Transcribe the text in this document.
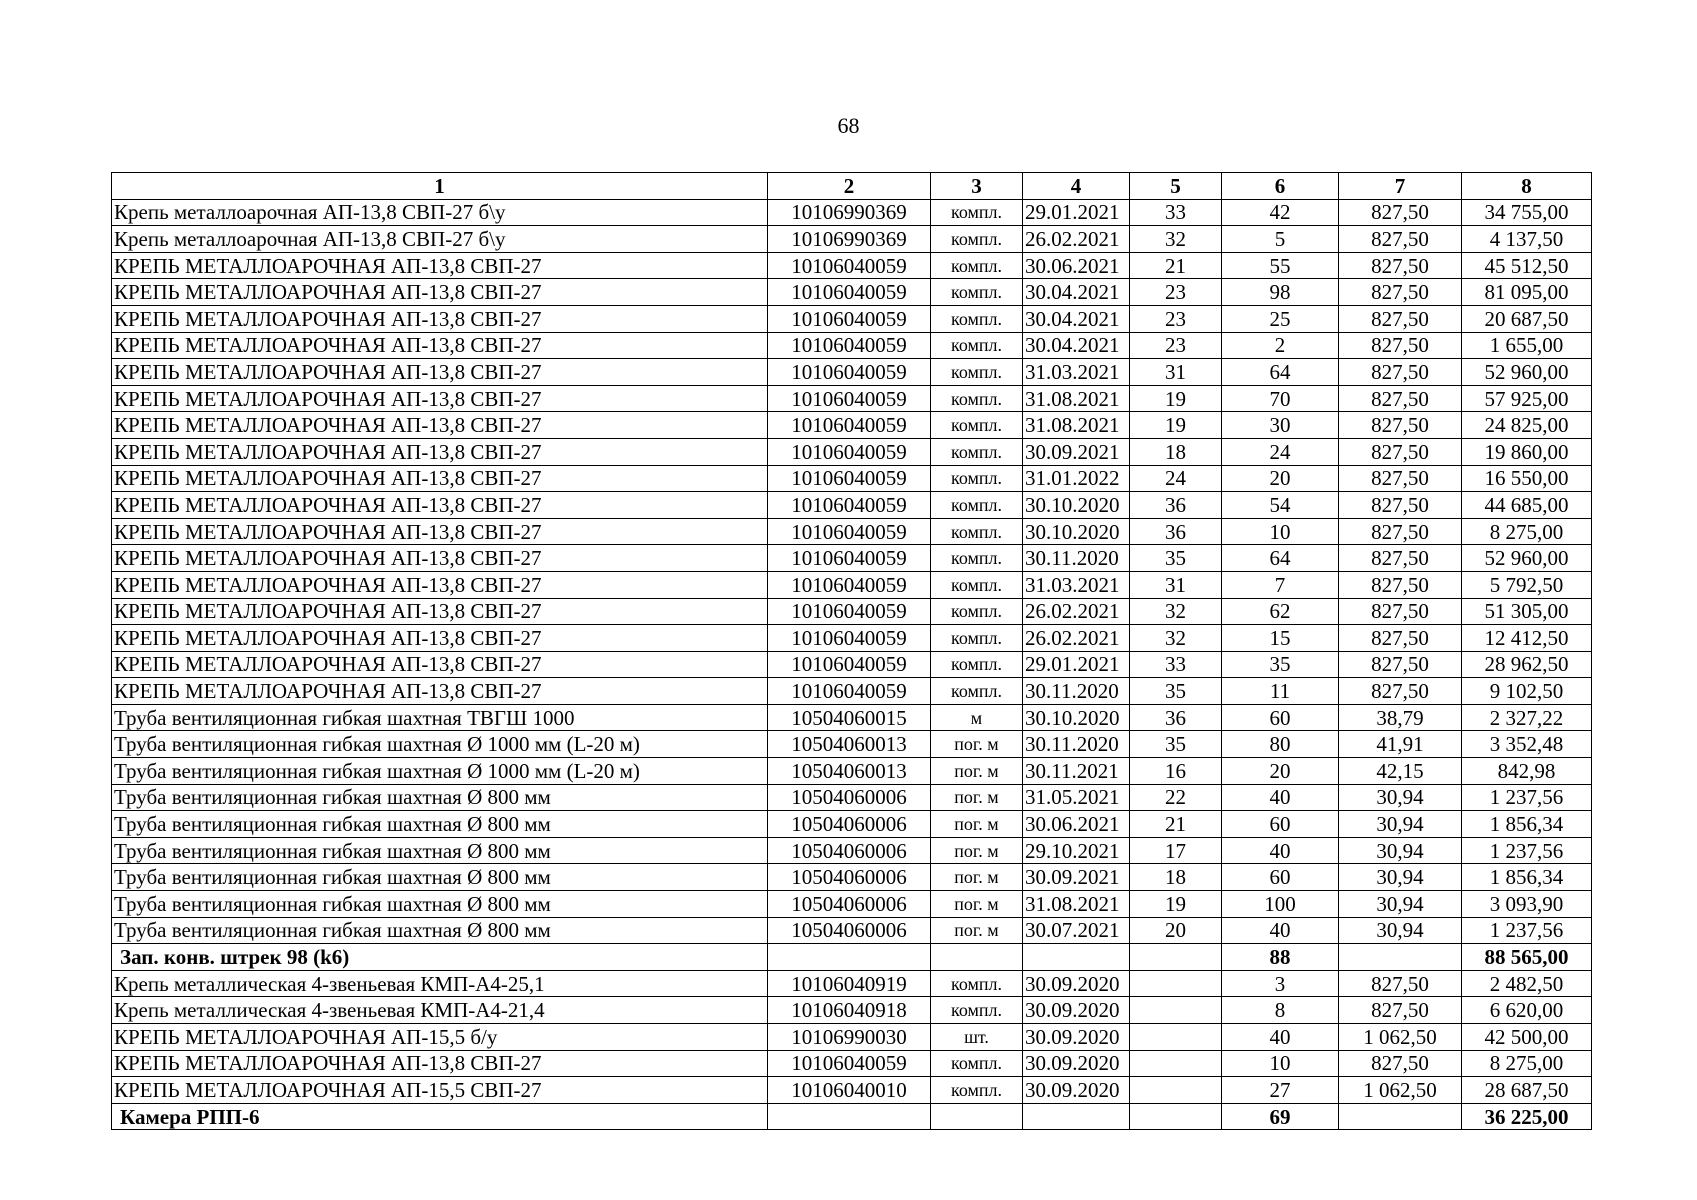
68
1	2	3	4	5	6	7	8
Крепь металлоарочная АП-13,8 СВП-27 б\у	10106990369	компл.	29.01.2021	33	42	827,50	34 755,00
Крепь металлоарочная АП-13,8 СВП-27 б\у	10106990369	компл.	26.02.2021	32	5	827,50	4 137,50
КРЕПЬ МЕТАЛЛОАРОЧНАЯ АП-13,8 СВП-27	10106040059	компл.	30.06.2021	21	55	827,50	45 512,50
КРЕПЬ МЕТАЛЛОАРОЧНАЯ АП-13,8 СВП-27	10106040059	компл.	30.04.2021	23	98	827,50	81 095,00
КРЕПЬ МЕТАЛЛОАРОЧНАЯ АП-13,8 СВП-27	10106040059	компл.	30.04.2021	23	25	827,50	20 687,50
КРЕПЬ МЕТАЛЛОАРОЧНАЯ АП-13,8 СВП-27	10106040059	компл.	30.04.2021	23	2	827,50	1 655,00
КРЕПЬ МЕТАЛЛОАРОЧНАЯ АП-13,8 СВП-27	10106040059	компл.	31.03.2021	31	64	827,50	52 960,00
КРЕПЬ МЕТАЛЛОАРОЧНАЯ АП-13,8 СВП-27	10106040059	компл.	31.08.2021	19	70	827,50	57 925,00
КРЕПЬ МЕТАЛЛОАРОЧНАЯ АП-13,8 СВП-27	10106040059	компл.	31.08.2021	19	30	827,50	24 825,00
КРЕПЬ МЕТАЛЛОАРОЧНАЯ АП-13,8 СВП-27	10106040059	компл.	30.09.2021	18	24	827,50	19 860,00
КРЕПЬ МЕТАЛЛОАРОЧНАЯ АП-13,8 СВП-27	10106040059	компл.	31.01.2022	24	20	827,50	16 550,00
КРЕПЬ МЕТАЛЛОАРОЧНАЯ АП-13,8 СВП-27	10106040059	компл.	30.10.2020	36	54	827,50	44 685,00
КРЕПЬ МЕТАЛЛОАРОЧНАЯ АП-13,8 СВП-27	10106040059	компл.	30.10.2020	36	10	827,50	8 275,00
КРЕПЬ МЕТАЛЛОАРОЧНАЯ АП-13,8 СВП-27	10106040059	компл.	30.11.2020	35	64	827,50	52 960,00
КРЕПЬ МЕТАЛЛОАРОЧНАЯ АП-13,8 СВП-27	10106040059	компл.	31.03.2021	31	7	827,50	5 792,50
КРЕПЬ МЕТАЛЛОАРОЧНАЯ АП-13,8 СВП-27	10106040059	компл.	26.02.2021	32	62	827,50	51 305,00
КРЕПЬ МЕТАЛЛОАРОЧНАЯ АП-13,8 СВП-27	10106040059	компл.	26.02.2021	32	15	827,50	12 412,50
КРЕПЬ МЕТАЛЛОАРОЧНАЯ АП-13,8 СВП-27	10106040059	компл.	29.01.2021	33	35	827,50	28 962,50
КРЕПЬ МЕТАЛЛОАРОЧНАЯ АП-13,8 СВП-27	10106040059	компл.	30.11.2020	35	11	827,50	9 102,50
Труба вентиляционная гибкая шахтная ТВГШ 1000	10504060015	м	30.10.2020	36	60	38,79	2 327,22
Труба вентиляционная гибкая шахтная Ø 1000 мм (L-20 м)	10504060013	пог. м	30.11.2020	35	80	41,91	3 352,48
Труба вентиляционная гибкая шахтная Ø 1000 мм (L-20 м)	10504060013	пог. м	30.11.2021	16	20	42,15	842,98
Труба вентиляционная гибкая шахтная Ø 800 мм	10504060006	пог. м	31.05.2021	22	40	30,94	1 237,56
Труба вентиляционная гибкая шахтная Ø 800 мм	10504060006	пог. м	30.06.2021	21	60	30,94	1 856,34
Труба вентиляционная гибкая шахтная Ø 800 мм	10504060006	пог. м	29.10.2021	17	40	30,94	1 237,56
Труба вентиляционная гибкая шахтная Ø 800 мм	10504060006	пог. м	30.09.2021	18	60	30,94	1 856,34
Труба вентиляционная гибкая шахтная Ø 800 мм	10504060006	пог. м	31.08.2021	19	100	30,94	3 093,90
Труба вентиляционная гибкая шахтная Ø 800 мм	10504060006	пог. м	30.07.2021	20	40	30,94	1 237,56
Зап. конв. штрек 98 (k6)					88		88 565,00
Крепь металлическая 4-звеньевая КМП-А4-25,1	10106040919	компл.	30.09.2020		3	827,50	2 482,50
Крепь металлическая 4-звеньевая КМП-А4-21,4	10106040918	компл.	30.09.2020		8	827,50	6 620,00
КРЕПЬ МЕТАЛЛОАРОЧНАЯ АП-15,5 б/у	10106990030	шт.	30.09.2020		40	1 062,50	42 500,00
КРЕПЬ МЕТАЛЛОАРОЧНАЯ АП-13,8 СВП-27	10106040059	компл.	30.09.2020		10	827,50	8 275,00
КРЕПЬ МЕТАЛЛОАРОЧНАЯ АП-15,5 СВП-27	10106040010	компл.	30.09.2020		27	1 062,50	28 687,50
Камера РПП-6					69		36 225,00
